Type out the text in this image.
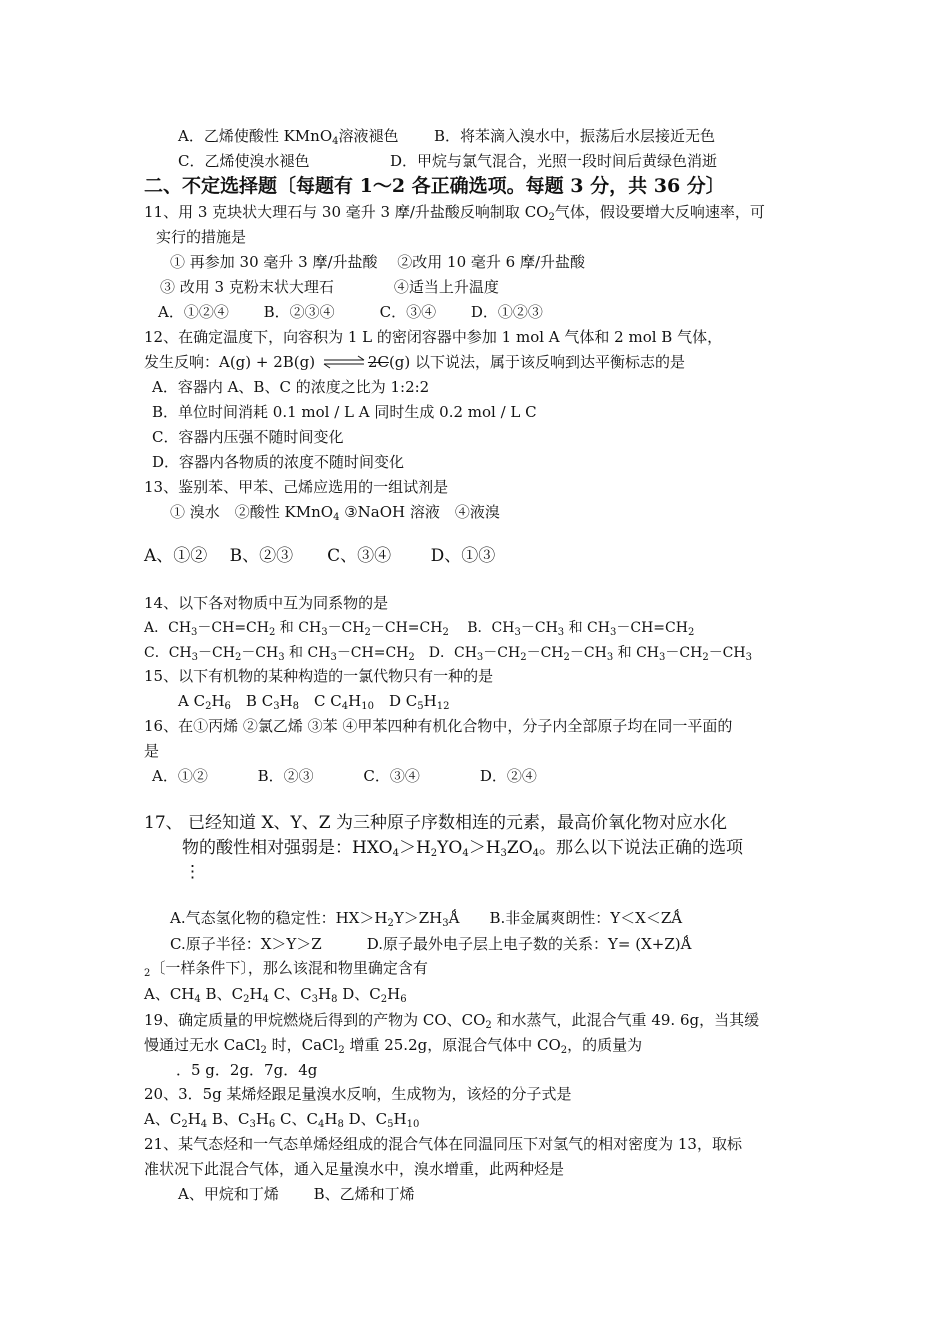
A．乙烯使酸性 KMnO$_4$溶液褪色 B．将苯滴入溴水中，振荡后水层接近无色
C．乙烯使溴水褪色	D．甲烷与氯气混合，光照一段时间后黄绿色消逝
二、不定选择题〔每题有 1～2 各正确选项。每题 3 分，共 36 分〕
11、用 3 克块状大理石与 30 毫升 3 摩/升盐酸反响制取 $CO_2$气体，假设要增大反响速率，可
实行的措施是
① 再参加 30 毫升 3 摩/升盐酸　 ②改用 10 毫升 6 摩/升盐酸
③ 改用 3 克粉末状大理石　　　　④适当上升温度
A．①②④　　 B．②③④　　　C．③④　　 D．①②③
12、在确定温度下，向容积为 1 L 的密闭容器中参加 1 mol A 气体和 2 mol B 气体，
发生反响：A(g) + 2B(g) ⇌ 2C(g) 以下说法，属于该反响到达平衡标志的是
A．容器内 A、B、C 的浓度之比为 1:2:2
B．单位时间消耗 0.1 mol / L A 同时生成 0.2 mol / L C
C．容器内压强不随时间变化
D．容器内各物质的浓度不随时间变化
13、鉴别苯、甲苯、己烯应选用的一组试剂是
① 溴水　②酸性 KMnO$_4$ ③NaOH 溶液　④液溴
A、①②　 B、②③　　C、③④　　 D、①③
14、以下各对物质中互为同系物的是
A．$CH_3-CH=CH_2$ 和 $CH_3-CH_2-CH=CH_2$　 B．$CH_3-CH_3$ 和 $CH_3-CH=CH_2$
C．$CH_3-CH_2-CH_3$ 和 $CH_3-CH=CH_2$　D．$CH_3-CH_2-CH_2-CH_3$ 和 $CH_3-CH_2-CH_3$
15、以下有机物的某种构造的一氯代物只有一种的是
A $C_2H_6$　B $C_3H_8$　C $C_4H_{10}$　D $C_5H_{12}$
16、在①丙烯 ②氯乙烯 ③苯 ④甲苯四种有机化合物中，分子内全部原子均在同一平面的
是
A．①②　　　 B．②③　　　 C．③④　　　　D．②④
17、 已经知道 X、Y、Z 为三种原子序数相连的元素，最高价氧化物对应水化
物的酸性相对强弱是：$HXO_4>H_2YO_4>H_3ZO_4$。那么以下说法正确的选项
⋮
A.气态氢化物的稳定性：$HX>H_2Y>ZH_3Ǻ$　　B.非金属爽朗性：Y＜X＜ZǺ
C.原子半径：X＞Y＞Z　　　D.原子最外电子层上电子数的关系：Y= (X+Z)Ǻ
$_2$〔一样条件下〕，那么该混和物里确定含有
A、$CH_4$ B、$C_2H_4$ C、$C_3H_8$ D、$C_2H_6$
19、确定质量的甲烷燃烧后得到的产物为 CO、$CO_2$ 和水蒸气，此混合气重 49. 6g，当其缓
慢通过无水 CaCl$_2$ 时，CaCl$_2$ 增重 25.2g，原混合气体中 $CO_2$，的质量为
．5 g．2g．7g．4g
20、3．5g 某烯烃跟足量溴水反响，生成物为，该烃的分子式是
A、$C_2H_4$ B、$C_3H_6$ C、$C_4H_8$ D、$C_5H_{10}$
21、某气态烃和一气态单烯烃组成的混合气体在同温同压下对氢气的相对密度为 13，取标
准状况下此混合气体，通入足量溴水中，溴水增重，此两种烃是
A、甲烷和丁烯　　 B、乙烯和丁烯
